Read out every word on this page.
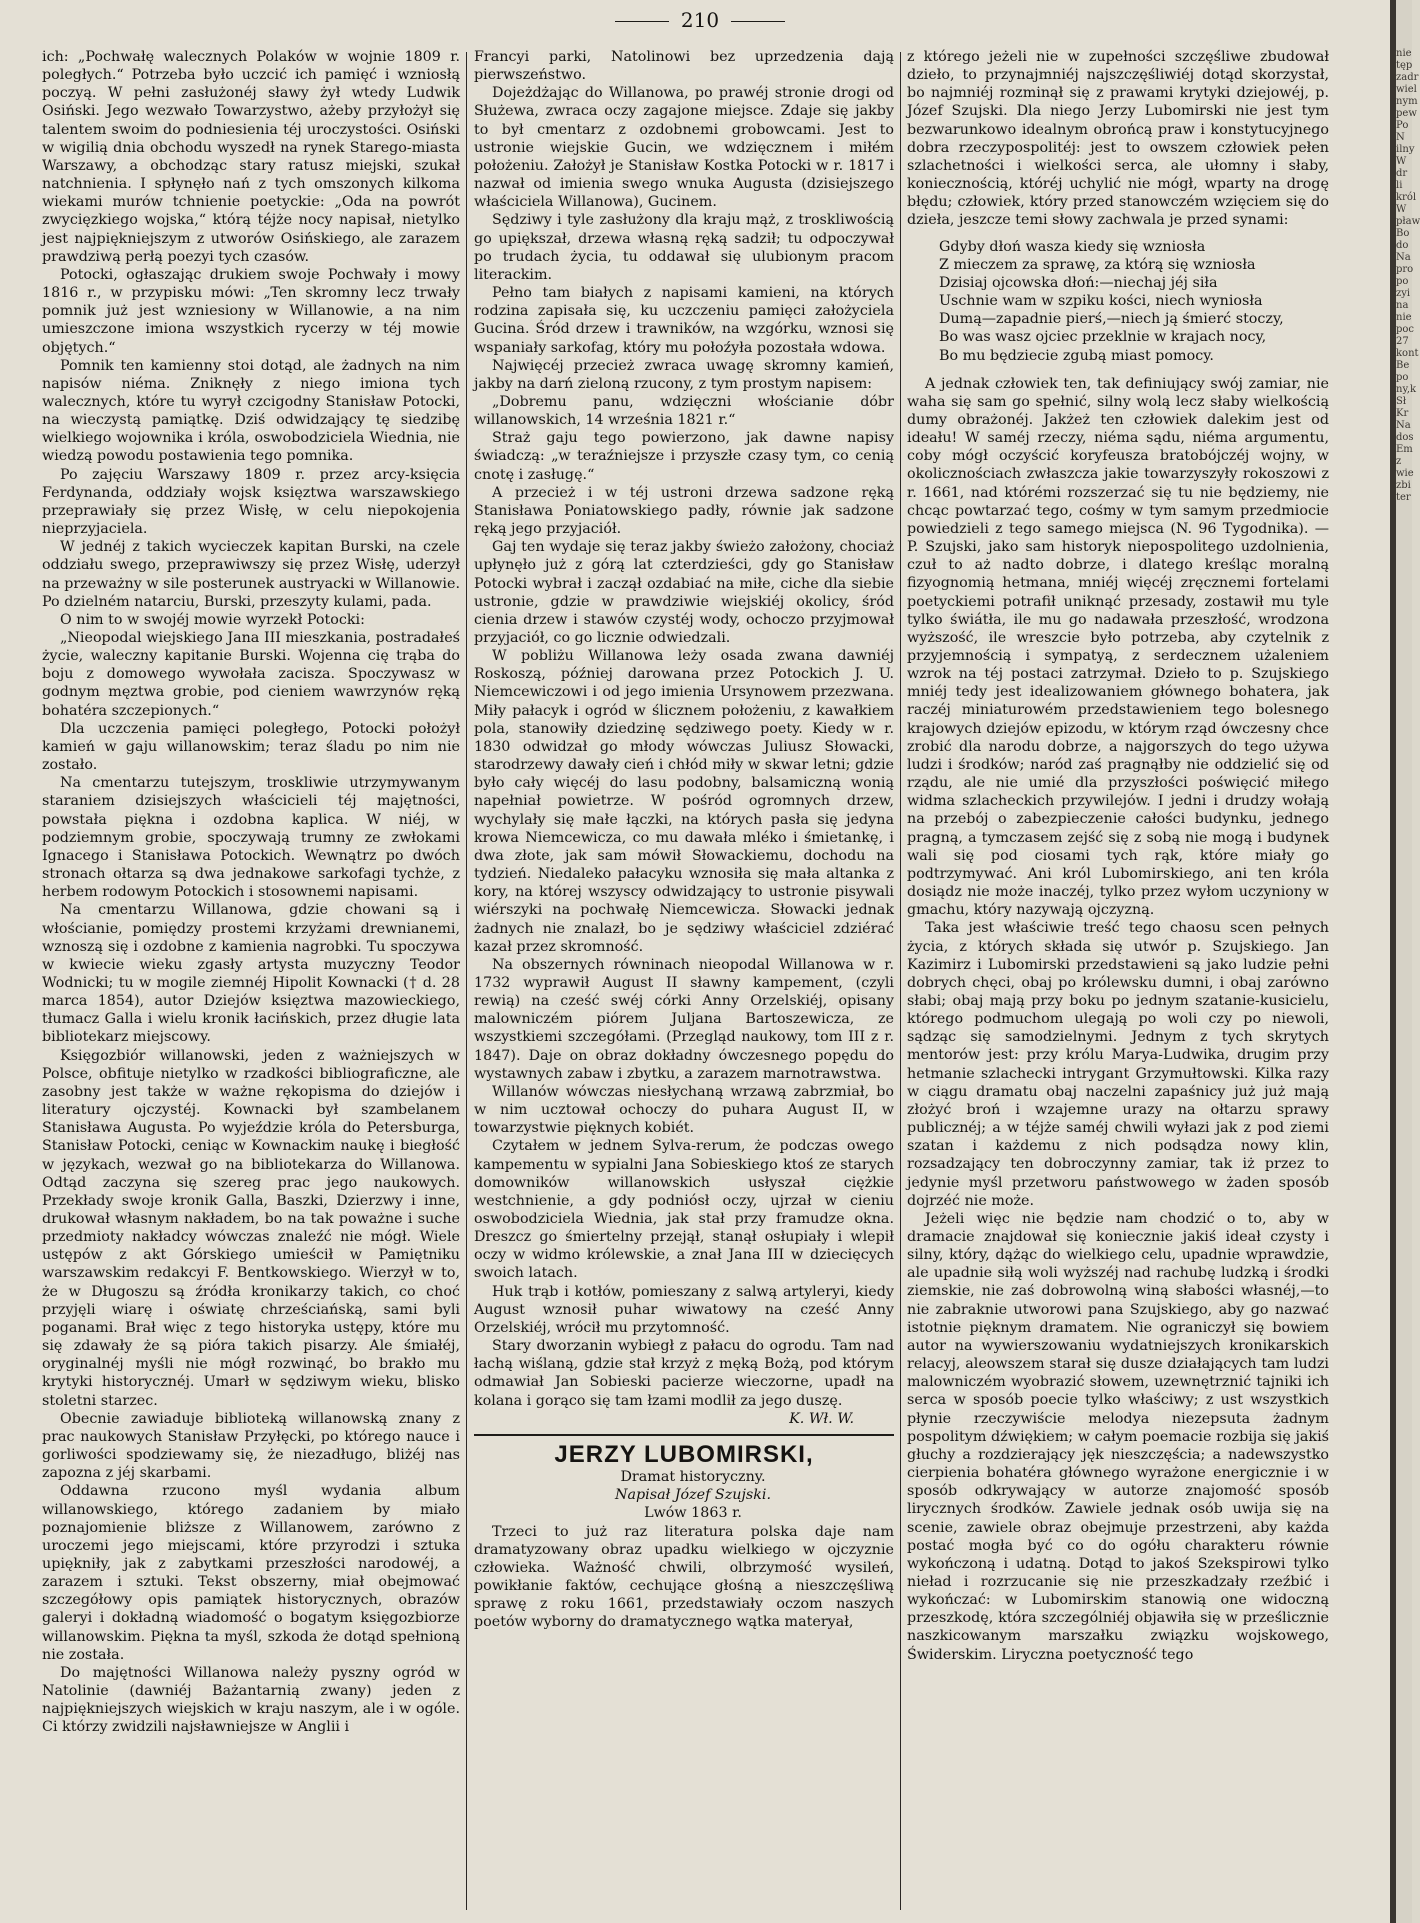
210

ich: „Pochwałę walecznych Polaków w wojnie 1809 r. poległych.“ Potrzeba było uczcić ich pamięć i wzniosłą poczyą. W pełni zasłużonéj sławy żył wtedy Ludwik Osiński. Jego wezwało Towarzystwo, ażeby przyłożył się talentem swoim do podniesienia téj uroczystości. Osiński w wigilią dnia obchodu wyszedł na rynek Starego-miasta Warszawy, a obchodząc stary ratusz miejski, szukał natchnienia. I spłynęło nań z tych omszonych kilkoma wiekami murów tchnienie poetyckie: „Oda na powrót zwycięzkiego wojska,“ którą téjże nocy napisał, nietylko jest najpiękniejszym z utworów Osińskiego, ale zarazem prawdziwą perłą poezyi tych czasów.

Potocki, ogłaszając drukiem swoje Pochwały i mowy 1816 r., w przypisku mówi: „Ten skromny lecz trwały pomnik już jest wzniesiony w Willanowie, a na nim umieszczone imiona wszystkich rycerzy w téj mowie objętych.“

Pomnik ten kamienny stoi dotąd, ale żadnych na nim napisów niéma. Zniknęły z niego imiona tych walecznych, które tu wyrył czcigodny Stanisław Potocki, na wieczystą pamiątkę. Dziś odwidzający tę siedzibę wielkiego wojownika i króla, oswobodziciela Wiednia, nie wiedzą powodu postawienia tego pomnika.

Po zajęciu Warszawy 1809 r. przez arcy-księcia Ferdynanda, oddziały wojsk księztwa warszawskiego przeprawiały się przez Wisłę, w celu niepokojenia nieprzyjaciela.

W jednéj z takich wycieczek kapitan Burski, na czele oddziału swego, przeprawiwszy się przez Wisłę, uderzył na przeważny w sile posterunek austryacki w Willanowie. Po dzielném natarciu, Burski, przeszyty kulami, pada.

O nim to w swojéj mowie wyrzekł Potocki:

„Nieopodal wiejskiego Jana III mieszkania, postradałeś życie, waleczny kapitanie Burski. Wojenna cię trąba do boju z domowego wywołała zacisza. Spoczywasz w godnym męztwa grobie, pod cieniem wawrzynów ręką bohatéra szczepionych.“

Dla uczczenia pamięci poległego, Potocki położył kamień w gaju willanowskim; teraz śladu po nim nie zostało.

Na cmentarzu tutejszym, troskliwie utrzymywanym staraniem dzisiejszych właścicieli téj majętności, powstała piękna i ozdobna kaplica. W niéj, w podziemnym grobie, spoczywają trumny ze zwłokami Ignacego i Stanisława Potockich. Wewnątrz po dwóch stronach ołtarza są dwa jednakowe sarkofagi tychże, z herbem rodowym Potockich i stosownemi napisami.

Na cmentarzu Willanowa, gdzie chowani są i włościanie, pomiędzy prostemi krzyżami drewnianemi, wznoszą się i ozdobne z kamienia nagrobki. Tu spoczywa w kwiecie wieku zgasły artysta muzyczny Teodor Wodnicki; tu w mogile ziemnéj Hipolit Kownacki († d. 28 marca 1854), autor Dziejów księztwa mazowieckiego, tłumacz Galla i wielu kronik łacińskich, przez długie lata bibliotekarz miejscowy.

Księgozbiór willanowski, jeden z ważniejszych w Polsce, obfituje nietylko w rzadkości bibliograficzne, ale zasobny jest także w ważne rękopisma do dziejów i literatury ojczystéj. Kownacki był szambelanem Stanisława Augusta. Po wyjeździe króla do Petersburga, Stanisław Potocki, ceniąc w Kownackim naukę i biegłość w językach, wezwał go na bibliotekarza do Willanowa. Odtąd zaczyna się szereg prac jego naukowych. Przekłady swoje kronik Galla, Baszki, Dzierzwy i inne, drukował własnym nakładem, bo na tak poważne i suche przedmioty nakładcy wówczas znaleźć nie mógł. Wiele ustępów z akt Górskiego umieścił w Pamiętniku warszawskim redakcyi F. Bentkowskiego. Wierzył w to, że w Długoszu są źródła kronikarzy takich, co choć przyjęli wiarę i oświatę chrześciańską, sami byli poganami. Brał więc z tego historyka ustępy, które mu się zdawały że są pióra takich pisarzy. Ale śmiałéj, oryginalnéj myśli nie mógł rozwinąć, bo brakło mu krytyki historycznéj. Umarł w sędziwym wieku, blisko stoletni starzec.

Obecnie zawiaduje biblioteką willanowską znany z prac naukowych Stanisław Przyłęcki, po którego nauce i gorliwości spodziewamy się, że niezadługo, bliżéj nas zapozna z jéj skarbami.

Oddawna rzucono myśl wydania album willanowskiego, którego zadaniem by miało poznajomienie bliższe z Willanowem, zarówno z uroczemi jego miejscami, które przyrodzi i sztuka upiękniły, jak z zabytkami przeszłości narodowéj, a zarazem i sztuki. Tekst obszerny, miał obejmować szczegółowy opis pamiątek historycznych, obrazów galeryi i dokładną wiadomość o bogatym księgozbiorze willanowskim. Piękna ta myśl, szkoda że dotąd spełnioną nie została.

Do majętności Willanowa należy pyszny ogród w Natolinie (dawniéj Bażantarnią zwany) jeden z najpiękniejszych wiejskich w kraju naszym, ale i w ogóle. Ci którzy zwidzili najsławniejsze w Anglii i

Francyi parki, Natolinowi bez uprzedzenia dają pierwszeństwo.

Dojeżdżając do Willanowa, po prawéj stronie drogi od Służewa, zwraca oczy zagajone miejsce. Zdaje się jakby to był cmentarz z ozdobnemi grobowcami. Jest to ustronie wiejskie Gucin, we wdzięcznem i miłém położeniu. Założył je Stanisław Kostka Potocki w r. 1817 i nazwał od imienia swego wnuka Augusta (dzisiejszego właściciela Willanowa), Gucinem.

Sędziwy i tyle zasłużony dla kraju mąż, z troskliwością go upiększał, drzewa własną ręką sadził; tu odpoczywał po trudach życia, tu oddawał się ulubionym pracom literackim.

Pełno tam białych z napisami kamieni, na których rodzina zapisała się, ku uczczeniu pamięci założyciela Gucina. Śród drzew i trawników, na wzgórku, wznosi się wspaniały sarkofag, który mu połoźyła pozostała wdowa.

Najwięcéj przecież zwraca uwagę skromny kamień, jakby na darń zieloną rzucony, z tym prostym napisem:

„Dobremu panu, wdzięczni włościanie dóbr willanowskich, 14 września 1821 r.“

Straż gaju tego powierzono, jak dawne napisy świadczą: „w teraźniejsze i przyszłe czasy tym, co cenią cnotę i zasługę.“

A przecież i w téj ustroni drzewa sadzone ręką Stanisława Poniatowskiego padły, równie jak sadzone ręką jego przyjaciół.

Gaj ten wydaje się teraz jakby świeżo założony, chociaż upłynęło już z górą lat czterdzieści, gdy go Stanisław Potocki wybrał i zaczął ozdabiać na miłe, ciche dla siebie ustronie, gdzie w prawdziwie wiejskiéj okolicy, śród cienia drzew i stawów czystéj wody, ochoczo przyjmował przyjaciół, co go licznie odwiedzali.

W pobliżu Willanowa leży osada zwana dawniéj Roskoszą, później darowana przez Potockich J. U. Niemcewiczowi i od jego imienia Ursynowem przezwana. Miły pałacyk i ogród w ślicznem położeniu, z kawałkiem pola, stanowiły dziedzinę sędziwego poety. Kiedy w r. 1830 odwidzał go młody wówczas Juliusz Słowacki, starodrzewy dawały cień i chłód miły w skwar letni; gdzie było cały więcéj do lasu podobny, balsamiczną wonią napełniał powietrze. W pośród ogromnych drzew, wychylały się małe łączki, na których pasła się jedyna krowa Niemcewicza, co mu dawała mléko i śmietankę, i dwa złote, jak sam mówił Słowackiemu, dochodu na tydzień. Niedaleko pałacyku wznosiła się mała altanka z kory, na której wszyscy odwidzający to ustronie pisywali wiérszyki na pochwałę Niemcewicza. Słowacki jednak żadnych nie znalazł, bo je sędziwy właściciel zdziérać kazał przez skromność.

Na obszernych równinach nieopodal Willanowa w r. 1732 wyprawił August II sławny kampement, (czyli rewią) na cześć swéj córki Anny Orzelskiéj, opisany malowniczém piórem Juljana Bartoszewicza, ze wszystkiemi szczegółami. (Przegląd naukowy, tom III z r. 1847). Daje on obraz dokładny ówczesnego popędu do wystawnych zabaw i zbytku, a zarazem marnotrawstwa.

Willanów wówczas niesłychaną wrzawą zabrzmiał, bo w nim ucztował ochoczy do puhara August II, w towarzystwie pięknych kobiét.

Czytałem w jednem Sylva-rerum, że podczas owego kampementu w sypialni Jana Sobieskiego ktoś ze starych domowników willanowskich usłyszał ciężkie westchnienie, a gdy podniósł oczy, ujrzał w cieniu oswobodziciela Wiednia, jak stał przy framudze okna. Dreszcz go śmiertelny przejął, stanął osłupiały i wlepił oczy w widmo królewskie, a znał Jana III w dziecięcych swoich latach.

Huk trąb i kotłów, pomieszany z salwą artyleryi, kiedy August wznosił puhar wiwatowy na cześć Anny Orzelskiéj, wrócił mu przytomność.

Stary dworzanin wybiegł z pałacu do ogrodu. Tam nad łachą wiślaną, gdzie stał krzyż z męką Bożą, pod którym odmawiał Jan Sobieski pacierze wieczorne, upadł na kolana i gorąco się tam łzami modlił za jego duszę.

K. Wł. W.

JERZY LUBOMIRSKI,

Dramat historyczny.

Napisał Józef Szujski.

Lwów 1863 r.

Trzeci to już raz literatura polska daje nam dramatyzowany obraz upadku wielkiego w ojczyznie człowieka. Ważność chwili, olbrzymość wysileń, powikłanie faktów, cechujące głośną a nieszczęśliwą sprawę z roku 1661, przedstawiały oczom naszych poetów wyborny do dramatycznego wątka materyał,

z którego jeżeli nie w zupełności szczęśliwe zbudował dzieło, to przynajmniéj najszczęśliwiéj dotąd skorzystał, bo najmniéj rozminął się z prawami krytyki dziejowéj, p. Józef Szujski. Dla niego Jerzy Lubomirski nie jest tym bezwarunkowo idealnym obrońcą praw i konstytucyjnego dobra rzeczypospolitéj: jest to owszem człowiek pełen szlachetności i wielkości serca, ale ułomny i słaby, koniecznością, któréj uchylić nie mógł, wparty na drogę błędu; człowiek, który przed stanowczém wzięciem się do dzieła, jeszcze temi słowy zachwala je przed synami:

Gdyby dłoń wasza kiedy się wzniosła
Z mieczem za sprawę, za którą się wzniosła
Dzisiaj ojcowska dłoń:—niechaj jéj siła
Uschnie wam w szpiku kości, niech wyniosła
Dumą—zapadnie pierś,—niech ją śmierć stoczy,
Bo was wasz ojciec przeklnie w krajach nocy,
Bo mu będziecie zgubą miast pomocy.

A jednak człowiek ten, tak definiujący swój zamiar, nie waha się sam go spełnić, silny wolą lecz słaby wielkością dumy obrażonéj. Jakżeż ten człowiek dalekim jest od ideału! W saméj rzeczy, niéma sądu, niéma argumentu, coby mógł oczyścić koryfeusza bratobójczéj wojny, w okolicznościach zwłaszcza jakie towarzyszyły rokoszowi z r. 1661, nad którémi rozszerzać się tu nie będziemy, nie chcąc powtarzać tego, cośmy w tym samym przedmiocie powiedzieli z tego samego miejsca (N. 96 Tygodnika). — P. Szujski, jako sam historyk niepospolitego uzdolnienia, czuł to aż nadto dobrze, i dlatego kreśląc moralną fizyognomią hetmana, mniéj więcéj zręcznemi fortelami poetyckiemi potrafił uniknąć przesady, zostawił mu tyle tylko świátła, ile mu go nadawała przeszłość, wrodzona wyższość, ile wreszcie było potrzeba, aby czytelnik z przyjemnością i sympatyą, z serdecznem użaleniem wzrok na téj postaci zatrzymał. Dzieło to p. Szujskiego mniéj tedy jest idealizowaniem głównego bohatera, jak raczéj miniaturowém przedstawieniem tego bolesnego krajowych dziejów epizodu, w którym rząd ówczesny chce zrobić dla narodu dobrze, a najgorszych do tego używa ludzi i środków; naród zaś pragnąłby nie oddzielić się od rządu, ale nie umié dla przyszłości poświęcić miłego widma szlacheckich przywilejów. I jedni i drudzy wołają na przebój o zabezpieczenie całości budynku, jednego pragną, a tymczasem zejść się z sobą nie mogą i budynek wali się pod ciosami tych rąk, które miały go podtrzymywać. Ani król Lubomirskiego, ani ten króla dosiądz nie może inaczéj, tylko przez wyłom uczyniony w gmachu, który nazywają ojczyzną.

Taka jest właściwie treść tego chaosu scen pełnych życia, z których składa się utwór p. Szujskiego. Jan Kazimirz i Lubomirski przedstawieni są jako ludzie pełni dobrych chęci, obaj po królewsku dumni, i obaj zarówno słabi; obaj mają przy boku po jednym szatanie-kusicielu, którego podmuchom ulegają po woli czy po niewoli, sądząc się samodzielnymi. Jednym z tych skrytych mentorów jest: przy królu Marya-Ludwika, drugim przy hetmanie szlachecki intrygant Grzymułtowski. Kilka razy w ciągu dramatu obaj naczelni zapaśnicy już już mają złożyć broń i wzajemne urazy na ołtarzu sprawy publicznéj; a w téjże saméj chwili wyłazi jak z pod ziemi szatan i każdemu z nich podsądza nowy klin, rozsadzający ten dobroczynny zamiar, tak iż przez to jedynie myśl przetworu państwowego w żaden sposób dojrzéć nie może.

Jeżeli więc nie będzie nam chodzić o to, aby w dramacie znajdował się koniecznie jakiś ideał czysty i silny, który, dążąc do wielkiego celu, upadnie wprawdzie, ale upadnie siłą woli wyższéj nad rachubę ludzką i środki ziemskie, nie zaś dobrowolną winą słabości własnéj,—to nie zabraknie utworowi pana Szujskiego, aby go nazwać istotnie pięknym dramatem. Nie ograniczył się bowiem autor na wywierszowaniu wydatniejszych kronikarskich relacyj, aleowszem starał się dusze działających tam ludzi malowniczém wyobrazić słowem, uzewnętrznić tajniki ich serca w sposób poecie tylko właściwy; z ust wszystkich płynie rzeczywiście melodya niezepsuta żadnym pospolitym dźwiękiem; w całym poemacie rozbija się jakiś głuchy a rozdzierający jęk nieszczęścia; a nadewszystko cierpienia bohatéra głównego wyrażone energicznie i w sposób odkrywający w autorze znajomość sposób lirycznych środków. Zawiele jednak osób uwija się na scenie, zawiele obraz obejmuje przestrzeni, aby każda postać mogła być co do ogółu charakteru równie wykończoną i udatną. Dotąd to jakoś Szekspirowi tylko nieład i rozrzucanie się nie przeszkadzały rzeźbić i wykończać: w Lubomirskim stanowią one widoczną przeszkodę, która szczególniéj objawiła się w prześlicznie naszkicowanym marszałku związku wojskowego, Świderskim. Liryczna poetyczność tego

nie
tęp
zadr
wiel
nym
pew
Po
N
ilny
W
dr
li
król
W
pław
Bo
do
Na
pro
po
zyi
na
nie
poc
27
kont
Be
po
ny,k
Sł
Kr
Na
dos
Em
z
wie
zbi
ter
